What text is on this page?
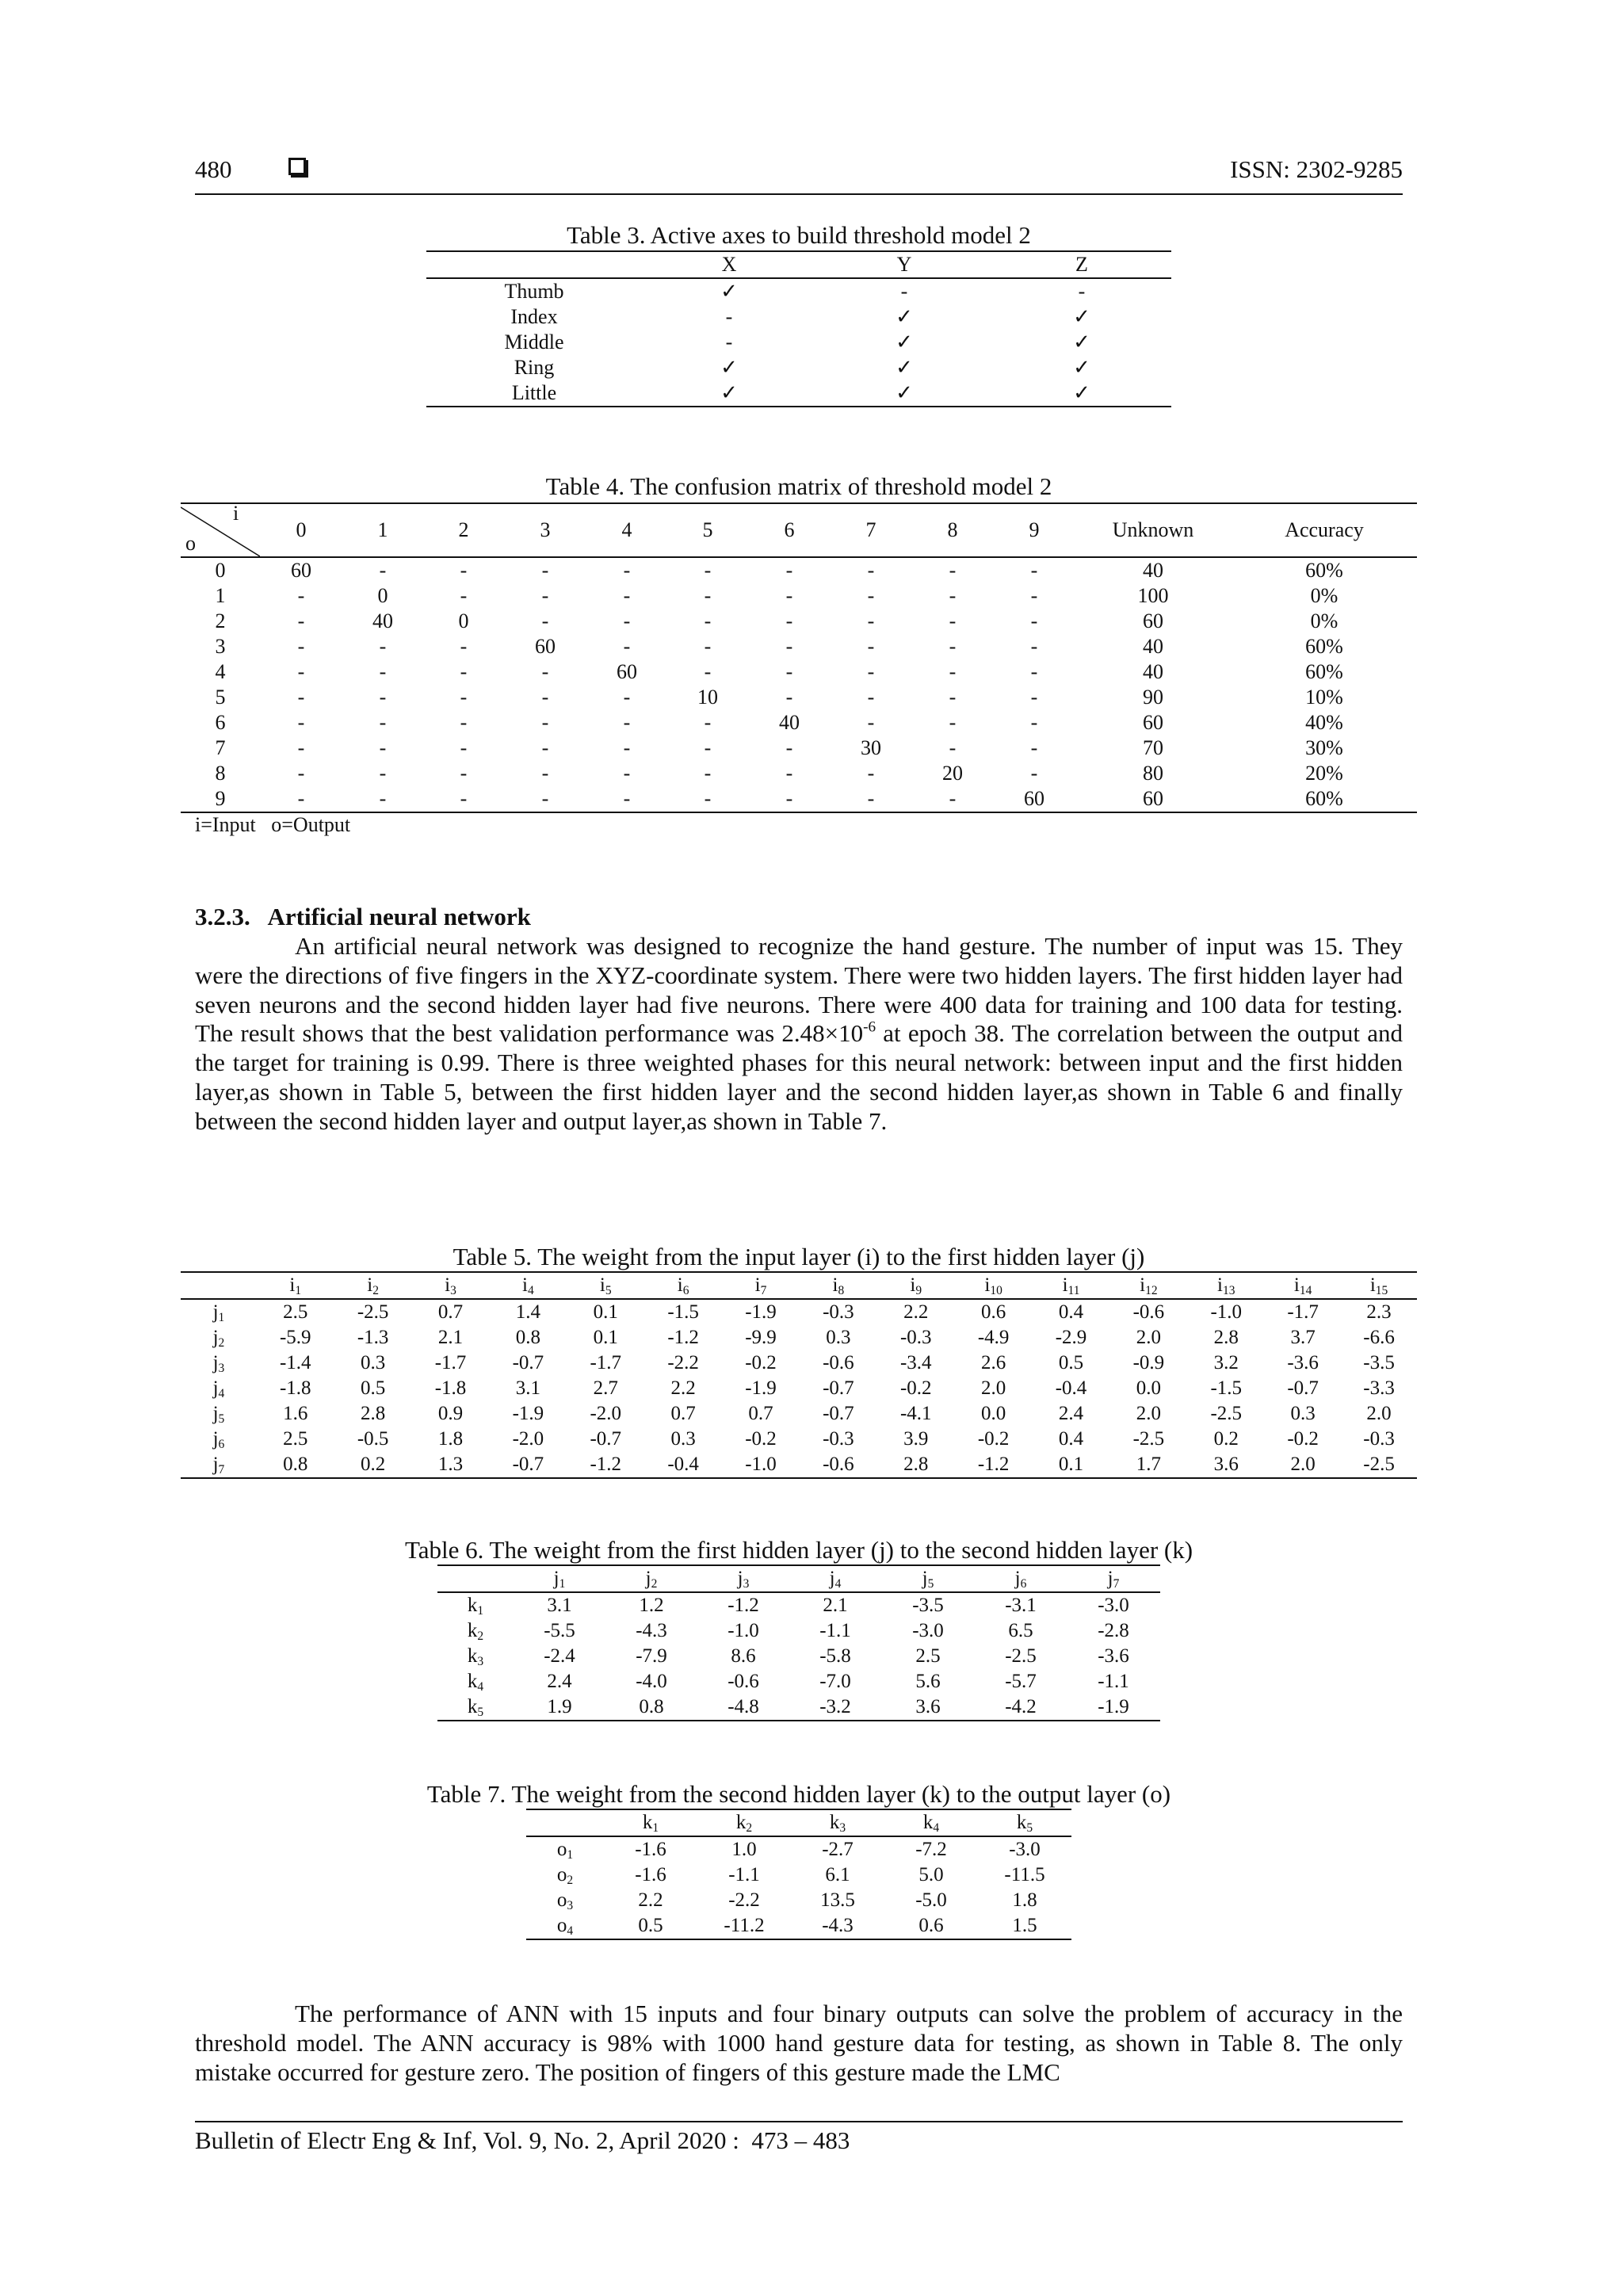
480	ISSN: 2302-9285
Table 3. Active axes to build threshold model 2
	X	Y	Z
Thumb	✓	-	-
Index	-	✓	✓
Middle	-	✓	✓
Ring	✓	✓	✓
Little	✓	✓	✓
Table 4. The confusion matrix of threshold model 2
i
o	0	1	2	3	4	5	6	7	8	9	Unknown	Accuracy
0	60	-	-	-	-	-	-	-	-	-	40	60%
1	-	0	-	-	-	-	-	-	-	-	100	0%
2	-	40	0	-	-	-	-	-	-	-	60	0%
3	-	-	-	60	-	-	-	-	-	-	40	60%
4	-	-	-	-	60	-	-	-	-	-	40	60%
5	-	-	-	-	-	10	-	-	-	-	90	10%
6	-	-	-	-	-	-	40	-	-	-	60	40%
7	-	-	-	-	-	-	-	30	-	-	70	30%
8	-	-	-	-	-	-	-	-	20	-	80	20%
9	-	-	-	-	-	-	-	-	-	60	60	60%
i=Input   o=Output
3.2.3. Artificial neural network
An artificial neural network was designed to recognize the hand gesture. The number of input was 15. They were the directions of five fingers in the XYZ-coordinate system. There were two hidden layers. The first hidden layer had seven neurons and the second hidden layer had five neurons. There were 400 data for training and 100 data for testing. The result shows that the best validation performance was $2.48\times 10^{-6}$ at epoch 38. The correlation between the output and the target for training is 0.99. There is three weighted phases for this neural network: between input and the first hidden layer,as shown in Table 5, between the first hidden layer and the second hidden layer,as shown in Table 6 and finally between the second hidden layer and output layer,as shown in Table 7.
Table 5. The weight from the input layer (i) to the first hidden layer (j)
	$i_1$	$i_2$	$i_3$	$i_4$	$i_5$	$i_6$	$i_7$	$i_8$	$i_9$	$i_{10}$	$i_{11}$	$i_{12}$	$i_{13}$	$i_{14}$	$i_{15}$
$j_1$	2.5	-2.5	0.7	1.4	0.1	-1.5	-1.9	-0.3	2.2	0.6	0.4	-0.6	-1.0	-1.7	2.3
$j_2$	-5.9	-1.3	2.1	0.8	0.1	-1.2	-9.9	0.3	-0.3	-4.9	-2.9	2.0	2.8	3.7	-6.6
$j_3$	-1.4	0.3	-1.7	-0.7	-1.7	-2.2	-0.2	-0.6	-3.4	2.6	0.5	-0.9	3.2	-3.6	-3.5
$j_4$	-1.8	0.5	-1.8	3.1	2.7	2.2	-1.9	-0.7	-0.2	2.0	-0.4	0.0	-1.5	-0.7	-3.3
$j_5$	1.6	2.8	0.9	-1.9	-2.0	0.7	0.7	-0.7	-4.1	0.0	2.4	2.0	-2.5	0.3	2.0
$j_6$	2.5	-0.5	1.8	-2.0	-0.7	0.3	-0.2	-0.3	3.9	-0.2	0.4	-2.5	0.2	-0.2	-0.3
$j_7$	0.8	0.2	1.3	-0.7	-1.2	-0.4	-1.0	-0.6	2.8	-1.2	0.1	1.7	3.6	2.0	-2.5
Table 6. The weight from the first hidden layer (j) to the second hidden layer (k)
	$j_1$	$j_2$	$j_3$	$j_4$	$j_5$	$j_6$	$j_7$
$k_1$	3.1	1.2	-1.2	2.1	-3.5	-3.1	-3.0
$k_2$	-5.5	-4.3	-1.0	-1.1	-3.0	6.5	-2.8
$k_3$	-2.4	-7.9	8.6	-5.8	2.5	-2.5	-3.6
$k_4$	2.4	-4.0	-0.6	-7.0	5.6	-5.7	-1.1
$k_5$	1.9	0.8	-4.8	-3.2	3.6	-4.2	-1.9
Table 7. The weight from the second hidden layer (k) to the output layer (o)
	$k_1$	$k_2$	$k_3$	$k_4$	$k_5$
$o_1$	-1.6	1.0	-2.7	-7.2	-3.0
$o_2$	-1.6	-1.1	6.1	5.0	-11.5
$o_3$	2.2	-2.2	13.5	-5.0	1.8
$o_4$	0.5	-11.2	-4.3	0.6	1.5
The performance of ANN with 15 inputs and four binary outputs can solve the problem of accuracy in the threshold model. The ANN accuracy is 98% with 1000 hand gesture data for testing, as shown in Table 8. The only mistake occurred for gesture zero. The position of fingers of this gesture made the LMC
Bulletin of Electr Eng & Inf, Vol. 9, No. 2, April 2020 :  473 – 483
